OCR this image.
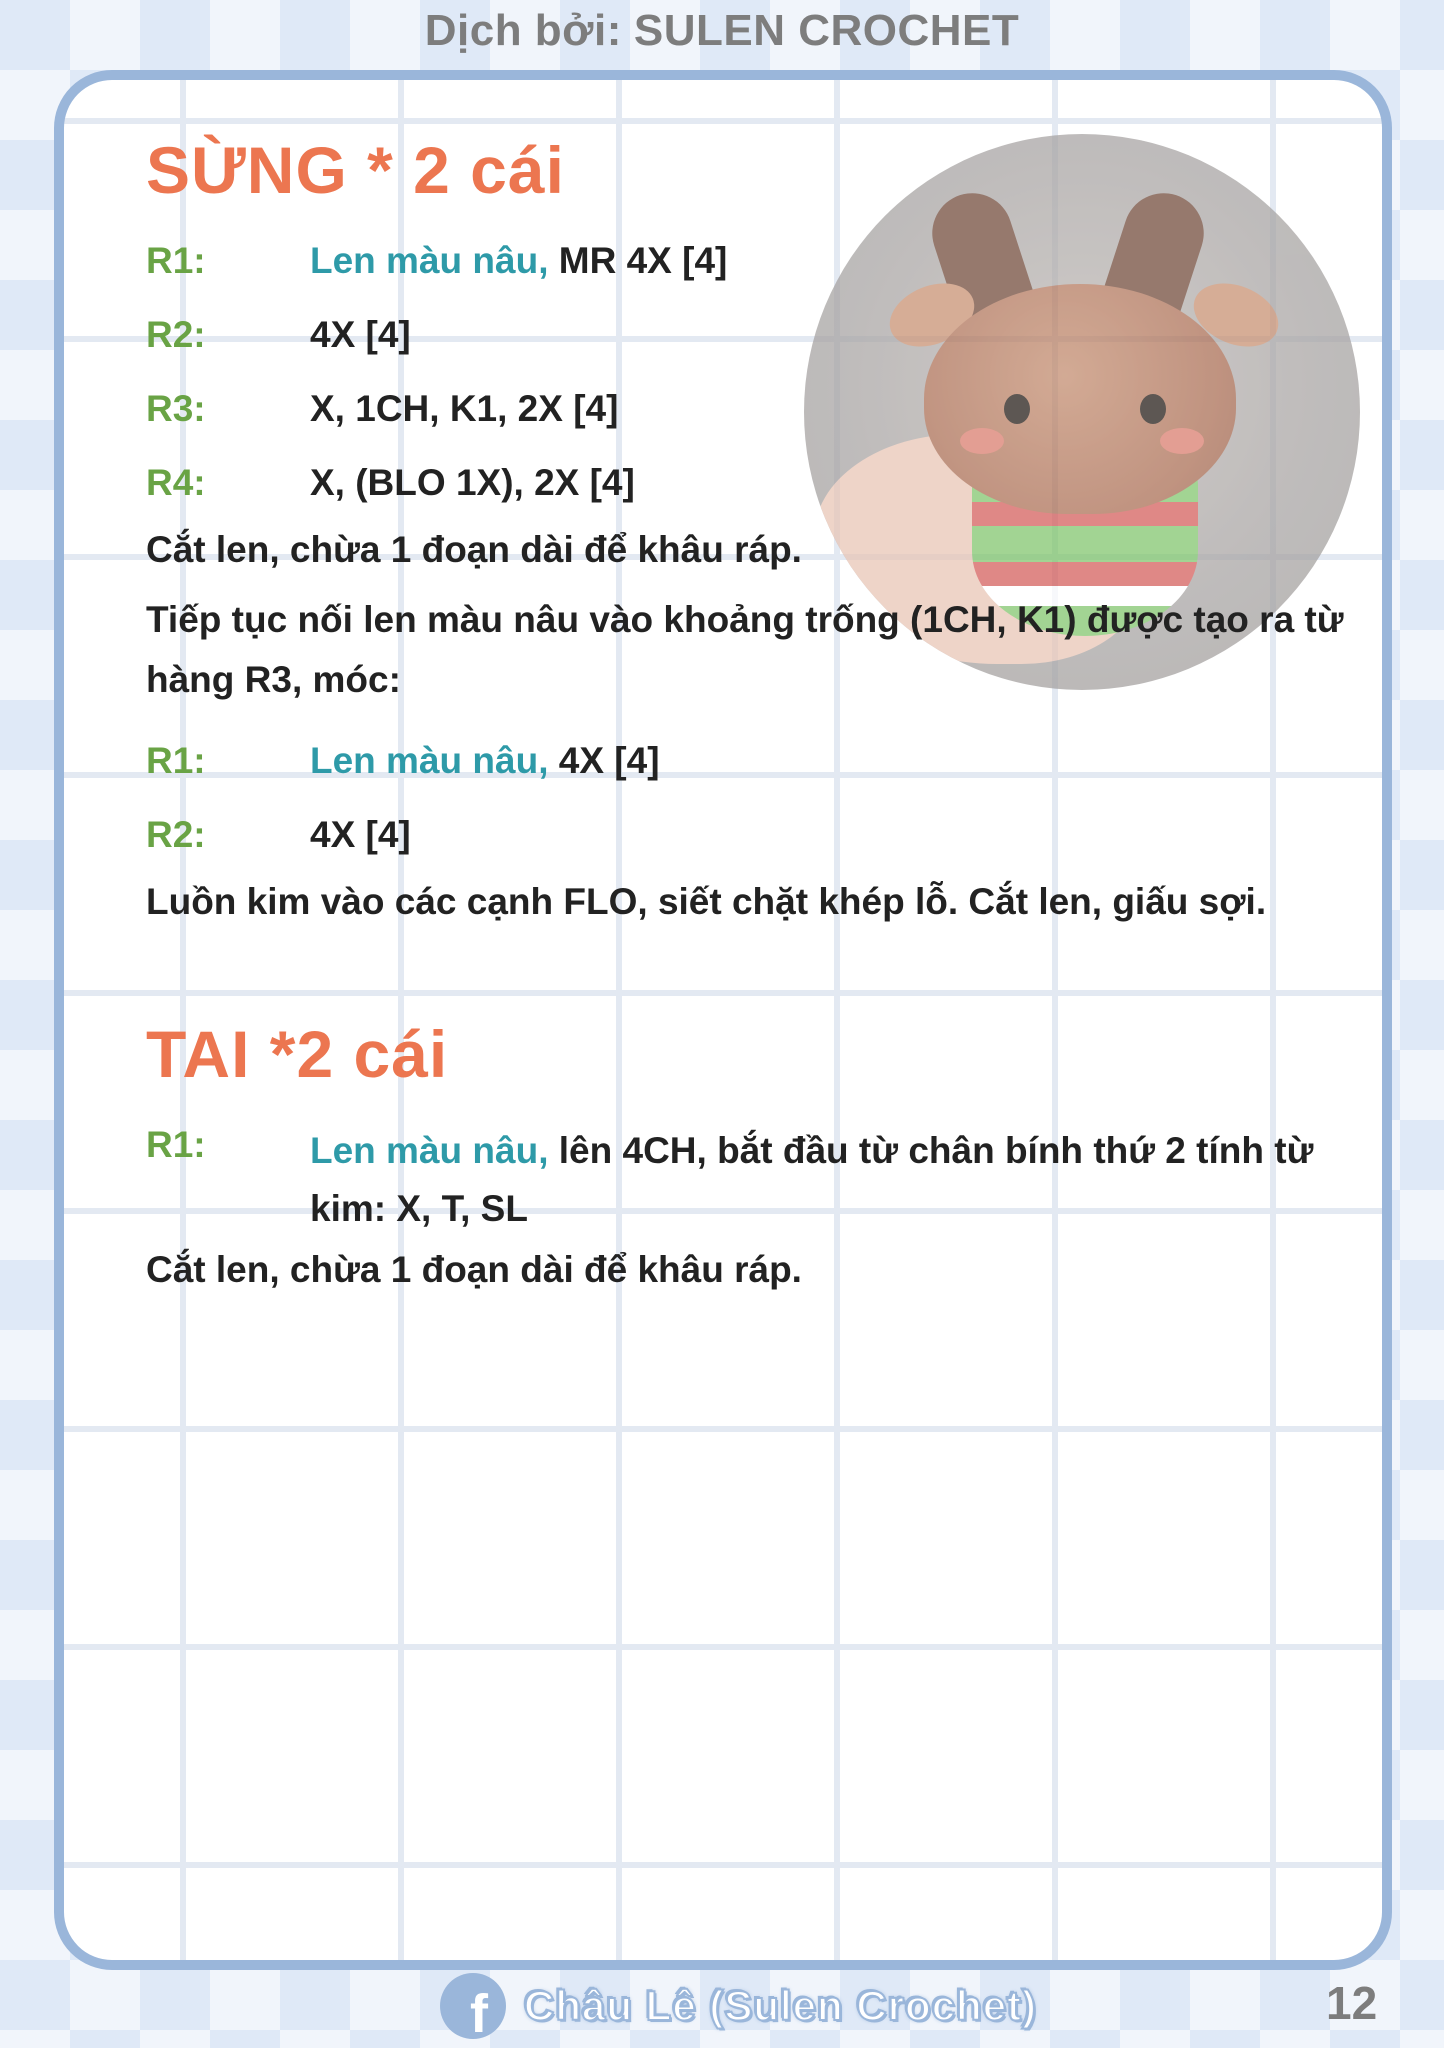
Dịch bởi: SULEN CROCHET
SỪNG * 2 cái
R1:	Len màu nâu, MR 4X [4]
R2:	4X [4]
R3:	X, 1CH, K1, 2X [4]
R4:	X, (BLO 1X), 2X [4]
Cắt len, chừa 1 đoạn dài để khâu ráp.
Tiếp tục nối len màu nâu vào khoảng trống (1CH, K1) được tạo ra từ hàng R3, móc:
R1:	Len màu nâu, 4X [4]
R2:	4X [4]
Luồn kim vào các cạnh FLO, siết chặt khép lỗ. Cắt len, giấu sợi.
TAI *2 cái
R1:	Len màu nâu, lên 4CH, bắt đầu từ chân bính thứ 2 tính từ kim: X, T, SL
Cắt len, chừa 1 đoạn dài để khâu ráp.
f Châu Lê (Sulen Crochet)	12
